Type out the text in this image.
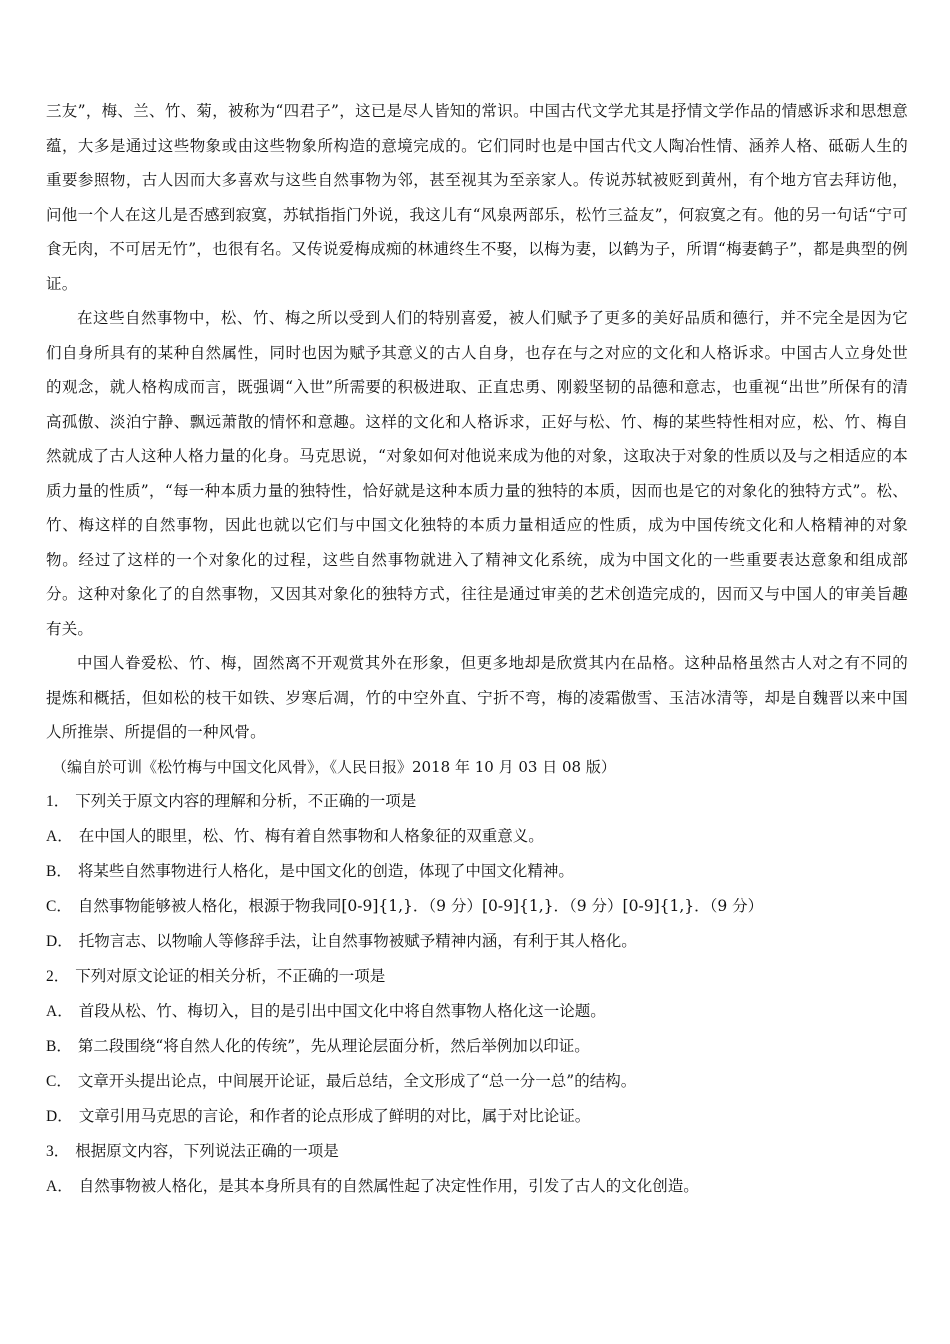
三友”，梅、兰、竹、菊，被称为“四君子”，这已是尽人皆知的常识。中国古代文学尤其是抒情文学作品的情感诉求和思想意蕴，大多是通过这些物象或由这些物象所构造的意境完成的。它们同时也是中国古代文人陶冶性情、涵养人格、砥砺人生的重要参照物，古人因而大多喜欢与这些自然事物为邻，甚至视其为至亲家人。传说苏轼被贬到黄州，有个地方官去拜访他，问他一个人在这儿是否感到寂寞，苏轼指指门外说，我这儿有“风泉两部乐，松竹三益友”，何寂寞之有。他的另一句话“宁可食无肉，不可居无竹”，也很有名。又传说爱梅成痴的林逋终生不娶，以梅为妻，以鹤为子，所谓“梅妻鹤子”，都是典型的例证。

在这些自然事物中，松、竹、梅之所以受到人们的特别喜爱，被人们赋予了更多的美好品质和德行，并不完全是因为它们自身所具有的某种自然属性，同时也因为赋予其意义的古人自身，也存在与之对应的文化和人格诉求。中国古人立身处世的观念，就人格构成而言，既强调“入世”所需要的积极进取、正直忠勇、刚毅坚韧的品德和意志，也重视“出世”所保有的清高孤傲、淡泊宁静、飘远萧散的情怀和意趣。这样的文化和人格诉求，正好与松、竹、梅的某些特性相对应，松、竹、梅自然就成了古人这种人格力量的化身。马克思说，“对象如何对他说来成为他的对象，这取决于对象的性质以及与之相适应的本质力量的性质”，“每一种本质力量的独特性，恰好就是这种本质力量的独特的本质，因而也是它的对象化的独特方式”。松、竹、梅这样的自然事物，因此也就以它们与中国文化独特的本质力量相适应的性质，成为中国传统文化和人格精神的对象物。经过了这样的一个对象化的过程，这些自然事物就进入了精神文化系统，成为中国文化的一些重要表达意象和组成部分。这种对象化了的自然事物，又因其对象化的独特方式，往往是通过审美的艺术创造完成的，因而又与中国人的审美旨趣有关。

中国人眷爱松、竹、梅，固然离不开观赏其外在形象，但更多地却是欣赏其内在品格。这种品格虽然古人对之有不同的提炼和概括，但如松的枝干如铁、岁寒后凋，竹的中空外直、宁折不弯，梅的凌霜傲雪、玉洁冰清等，却是自魏晋以来中国人所推崇、所提倡的一种风骨。

（编自於可训《松竹梅与中国文化风骨》，《人民日报》2018 年 10 月 03 日 08 版）

1． 下列关于原文内容的理解和分析，不正确的一项是

A． 在中国人的眼里，松、竹、梅有着自然事物和人格象征的双重意义。

B． 将某些自然事物进行人格化，是中国文化的创造，体现了中国文化精神。

C． 自然事物能够被人格化，根源于物我同[0-9]{1,}．（9 分）[0-9]{1,}．（9 分）[0-9]{1,}．（9 分）

D． 托物言志、以物喻人等修辞手法，让自然事物被赋予精神内涵，有利于其人格化。

2． 下列对原文论证的相关分析，不正确的一项是

A． 首段从松、竹、梅切入，目的是引出中国文化中将自然事物人格化这一论题。

B． 第二段围绕“将自然人化的传统”，先从理论层面分析，然后举例加以印证。

C． 文章开头提出论点，中间展开论证，最后总结，全文形成了“总一分一总”的结构。

D． 文章引用马克思的言论，和作者的论点形成了鲜明的对比，属于对比论证。

3． 根据原文内容，下列说法正确的一项是

A． 自然事物被人格化，是其本身所具有的自然属性起了决定性作用，引发了古人的文化创造。
